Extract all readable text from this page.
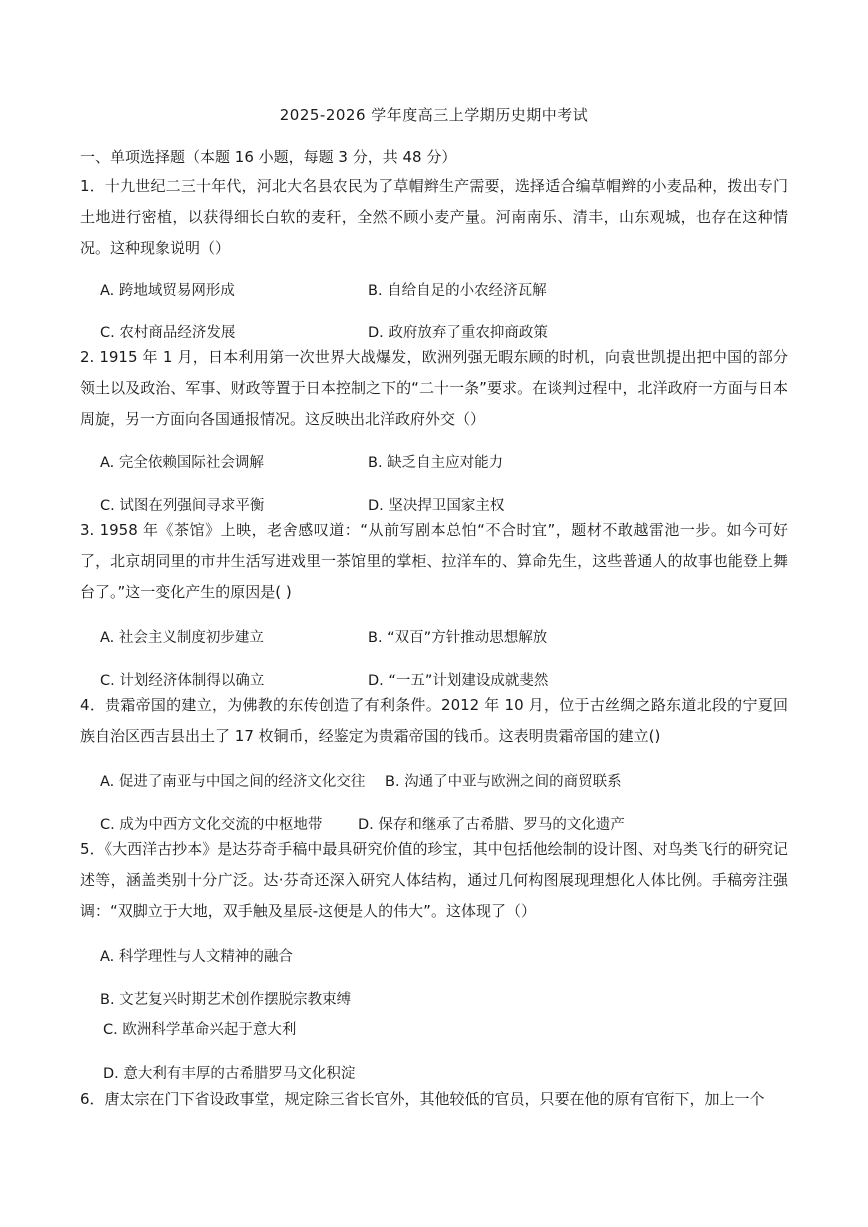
2025-2026 学年度高三上学期历史期中考试
一、单项选择题（本题 16 小题，每题 3 分，共 48 分）
1．十九世纪二三十年代，河北大名县农民为了草帽辫生产需要，选择适合编草帽辫的小麦品种，拨出专门土地进行密植，以获得细长白软的麦秆，全然不顾小麦产量。河南南乐、清丰，山东观城，也存在这种情况。这种现象说明（）
A. 跨地域贸易网形成	B. 自给自足的小农经济瓦解
C. 农村商品经济发展	D. 政府放弃了重农抑商政策
2. 1915 年 1 月，日本利用第一次世界大战爆发，欧洲列强无暇东顾的时机，向袁世凯提出把中国的部分领土以及政治、军事、财政等置于日本控制之下的“二十一条”要求。在谈判过程中，北洋政府一方面与日本周旋，另一方面向各国通报情况。这反映出北洋政府外交（）
A. 完全依赖国际社会调解	B. 缺乏自主应对能力
C. 试图在列强间寻求平衡	D. 坚决捍卫国家主权
3. 1958 年《茶馆》上映，老舍感叹道：“从前写剧本总怕“不合时宜”，题材不敢越雷池一步。如今可好了，北京胡同里的市井生活写进戏里一茶馆里的掌柜、拉洋车的、算命先生，这些普通人的故事也能登上舞台了。”这一变化产生的原因是( )
A. 社会主义制度初步建立	B. “双百”方针推动思想解放
C. 计划经济体制得以确立	D. “一五”计划建设成就斐然
4．贵霜帝国的建立，为佛教的东传创造了有利条件。2012 年 10 月，位于古丝绸之路东道北段的宁夏回族自治区西吉县出土了 17 枚铜币，经鉴定为贵霜帝国的钱币。这表明贵霜帝国的建立()
A. 促进了南亚与中国之间的经济文化交往 B. 沟通了中亚与欧洲之间的商贸联系
C. 成为中西方文化交流的中枢地带 D. 保存和继承了古希腊、罗马的文化遗产
5．《大西洋古抄本》是达芬奇手稿中最具研究价值的珍宝，其中包括他绘制的设计图、对鸟类飞行的研究记述等，涵盖类别十分广泛。达·芬奇还深入研究人体结构，通过几何构图展现理想化人体比例。手稿旁注强调：“双脚立于大地，双手触及星辰-这便是人的伟大”。这体现了（）
A. 科学理性与人文精神的融合
B. 文艺复兴时期艺术创作摆脱宗教束缚
C. 欧洲科学革命兴起于意大利
D. 意大利有丰厚的古希腊罗马文化积淀
6．唐太宗在门下省设政事堂，规定除三省长官外，其他较低的官员，只要在他的原有官衔下，加上一个
